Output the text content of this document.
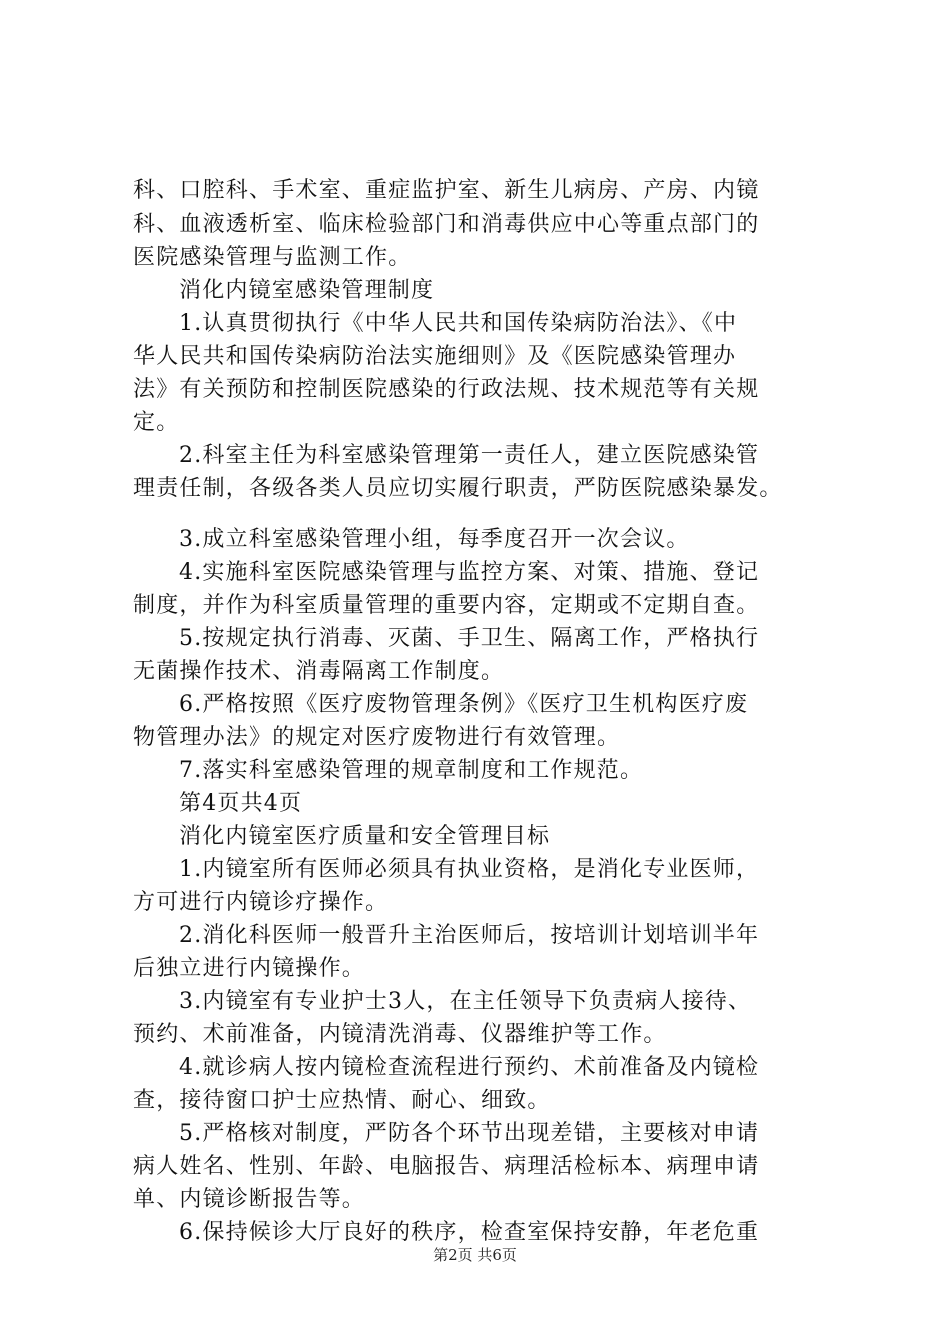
科、口腔科、手术室、重症监护室、新生儿病房、产房、内镜
科、血液透析室、临床检验部门和消毒供应中心等重点部门的
医院感染管理与监测工作。
消化内镜室感染管理制度
1.认真贯彻执行《中华人民共和国传染病防治法》、《中
华人民共和国传染病防治法实施细则》及《医院感染管理办
法》有关预防和控制医院感染的行政法规、技术规范等有关规
定。
2.科室主任为科室感染管理第一责任人，建立医院感染管
理责任制，各级各类人员应切实履行职责，严防医院感染暴发。
3.成立科室感染管理小组，每季度召开一次会议。
4.实施科室医院感染管理与监控方案、对策、措施、登记
制度，并作为科室质量管理的重要内容，定期或不定期自查。
5.按规定执行消毒、灭菌、手卫生、隔离工作，严格执行
无菌操作技术、消毒隔离工作制度。
6.严格按照《医疗废物管理条例》《医疗卫生机构医疗废
物管理办法》的规定对医疗废物进行有效管理。
7.落实科室感染管理的规章制度和工作规范。
第4页共4页
消化内镜室医疗质量和安全管理目标
1.内镜室所有医师必须具有执业资格，是消化专业医师，
方可进行内镜诊疗操作。
2.消化科医师一般晋升主治医师后，按培训计划培训半年
后独立进行内镜操作。
3.内镜室有专业护士3人，在主任领导下负责病人接待、
预约、术前准备，内镜清洗消毒、仪器维护等工作。
4.就诊病人按内镜检查流程进行预约、术前准备及内镜检
查，接待窗口护士应热情、耐心、细致。
5.严格核对制度，严防各个环节出现差错，主要核对申请
病人姓名、性别、年龄、电脑报告、病理活检标本、病理申请
单、内镜诊断报告等。
6.保持候诊大厅良好的秩序，检查室保持安静，年老危重
第2页 共6页
